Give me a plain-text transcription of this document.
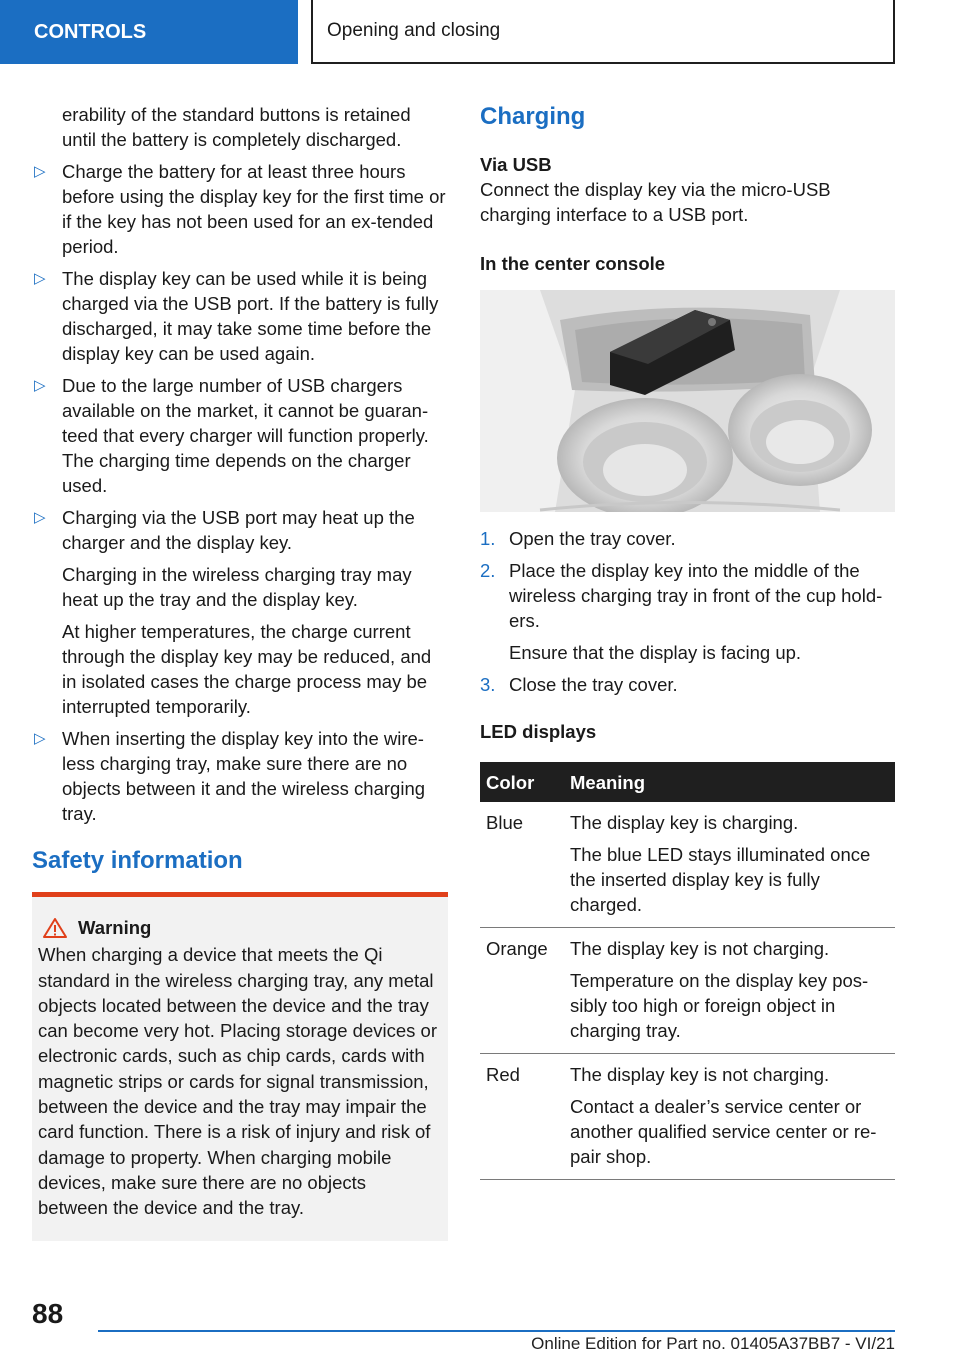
CONTROLS	Opening and closing

erability of the standard buttons is retained until the battery is completely discharged.

▷ Charge the battery for at least three hours before using the display key for the first time or if the key has not been used for an ex-tended period.
▷ The display key can be used while it is being charged via the USB port. If the battery is fully discharged, it may take some time before the display key can be used again.
▷ Due to the large number of USB chargers available on the market, it cannot be guaran-teed that every charger will function properly. The charging time depends on the charger used.
▷ Charging via the USB port may heat up the charger and the display key.

Charging in the wireless charging tray may heat up the tray and the display key.

At higher temperatures, the charge current through the display key may be reduced, and in isolated cases the charge process may be interrupted temporarily.

▷ When inserting the display key into the wire-less charging tray, make sure there are no objects between it and the wireless charging tray.
Safety information
Warning
When charging a device that meets the Qi standard in the wireless charging tray, any metal objects located between the device and the tray can become very hot. Placing storage devices or electronic cards, such as chip cards, cards with magnetic strips or cards for signal transmission, between the device and the tray may impair the card function. There is a risk of injury and risk of damage to property. When charging mobile devices, make sure there are no objects between the device and the tray.
Charging
Via USB

Connect the display key via the micro-USB charging interface to a USB port.

In the center console
1. Open the tray cover.
2. Place the display key into the middle of the wireless charging tray in front of the cup hold-ers.

Ensure that the display is facing up.

3. Close the tray cover.
LED displays
Color	Meaning
Blue	The display key is charging.

The blue LED stays illuminated once the inserted display key is fully charged.

Orange	The display key is not charging.

Temperature on the display key pos-sibly too high or foreign object in charging tray.

Red	The display key is not charging.

Contact a dealer’s service center or another qualified service center or re-pair shop.

88
Online Edition for Part no. 01405A37BB7 - VI/21
